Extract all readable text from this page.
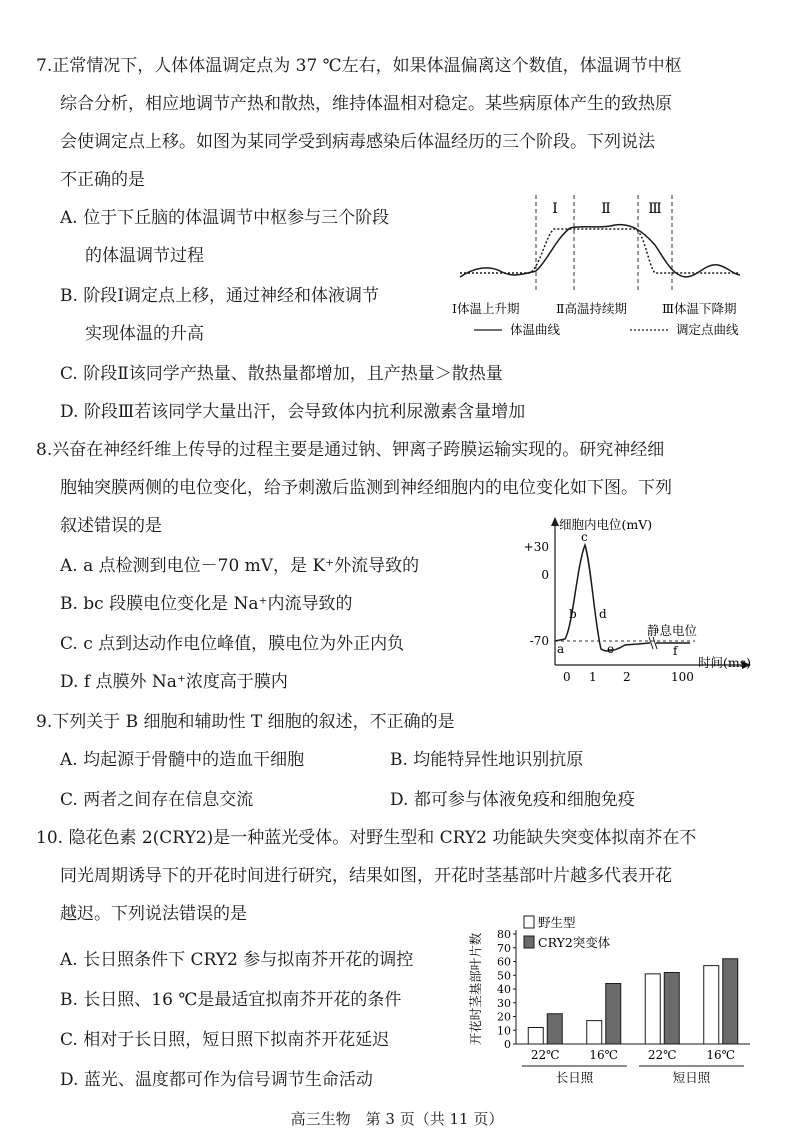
7.正常情况下，人体体温调定点为 37 ℃左右，如果体温偏离这个数值，体温调节中枢
综合分析，相应地调节产热和散热，维持体温相对稳定。某些病原体产生的致热原
会使调定点上移。如图为某同学受到病毒感染后体温经历的三个阶段。下列说法
不正确的是
A. 位于下丘脑的体温调节中枢参与三个阶段
的体温调节过程
B. 阶段Ⅰ调定点上移，通过神经和体液调节
实现体温的升高
C. 阶段Ⅱ该同学产热量、散热量都增加，且产热量＞散热量
D. 阶段Ⅲ若该同学大量出汗，会导致体内抗利尿激素含量增加
Ⅰ	Ⅱ	Ⅲ
Ⅰ体温上升期	Ⅱ高温持续期	Ⅲ体温下降期
体温曲线	调定点曲线
8.兴奋在神经纤维上传导的过程主要是通过钠、钾离子跨膜运输实现的。研究神经细
胞轴突膜两侧的电位变化，给予刺激后监测到神经细胞内的电位变化如下图。下列
叙述错误的是
A. a 点检测到电位－70 mV，是 K⁺外流导致的
B. bc 段膜电位变化是 Na⁺内流导致的
C. c 点到达动作电位峰值，膜电位为外正内负
D. f 点膜外 Na⁺浓度高于膜内
细胞内电位(mV)
时间(ms)
+30
0
-70
a
b
c
d
e	f
静息电位
0 1 2	100
9.下列关于 B 细胞和辅助性 T 细胞的叙述，不正确的是
A. 均起源于骨髓中的造血干细胞	B. 均能特异性地识别抗原
C. 两者之间存在信息交流	D. 都可参与体液免疫和细胞免疫
10. 隐花色素 2(CRY2)是一种蓝光受体。对野生型和 CRY2 功能缺失突变体拟南芥在不
同光周期诱导下的开花时间进行研究，结果如图，开花时茎基部叶片越多代表开花
越迟。下列说法错误的是
A. 长日照条件下 CRY2 参与拟南芥开花的调控
B. 长日照、16 ℃是最适宜拟南芥开花的条件
C. 相对于长日照，短日照下拟南芥开花延迟
D. 蓝光、温度都可作为信号调节生命活动
开花时茎基部叶片数 0
10
20
30
40
50
60
70
80
22℃ 16℃ 22℃ 16℃
长日照	短日照
野生型
CRY2突变体
高三生物　第 3 页（共 11 页）
